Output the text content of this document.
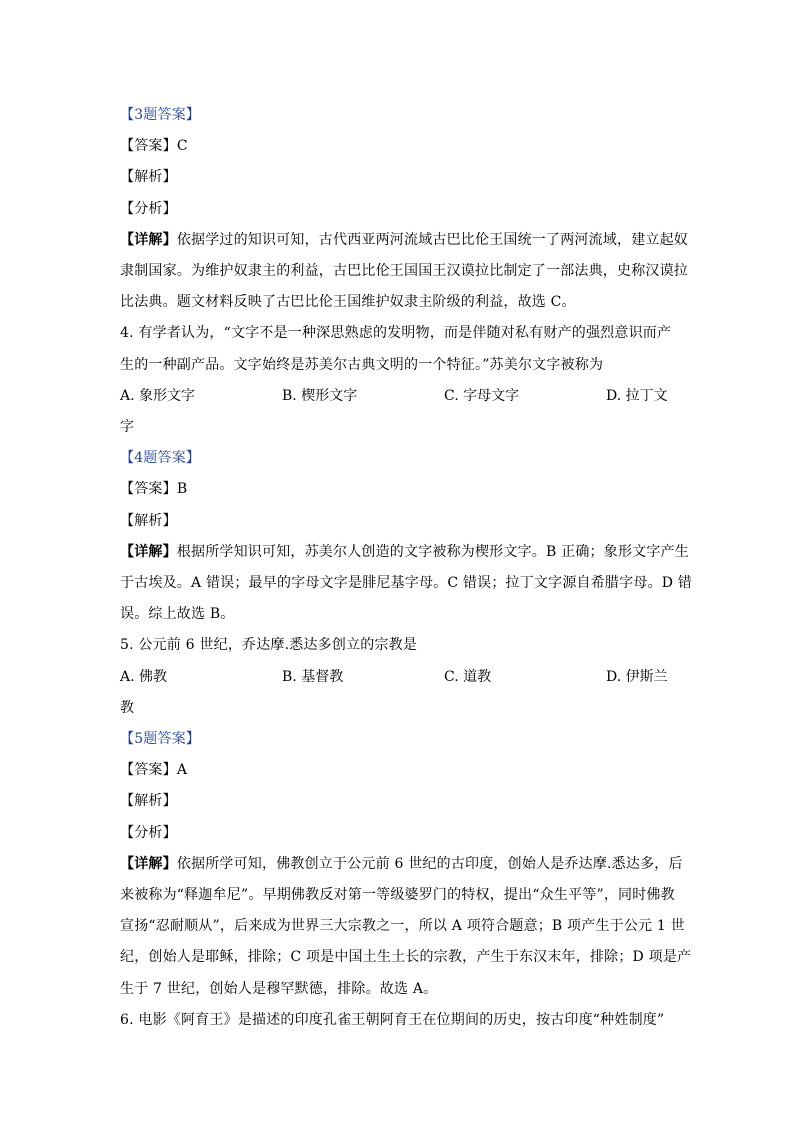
【3题答案】
【答案】C
【解析】
【分析】
【详解】依据学过的知识可知，古代西亚两河流域古巴比伦王国统一了两河流域，建立起奴
隶制国家。为维护奴隶主的利益，古巴比伦王国国王汉谟拉比制定了一部法典，史称汉谟拉
比法典。题文材料反映了古巴比伦王国维护奴隶主阶级的利益，故选 C。
4. 有学者认为，“文字不是一种深思熟虑的发明物，而是伴随对私有财产的强烈意识而产
生的一种副产品。文字始终是苏美尔古典文明的一个特征。”苏美尔文字被称为
A. 象形文字	B. 楔形文字	C. 字母文字	D. 拉丁文
字
【4题答案】
【答案】B
【解析】
【详解】根据所学知识可知，苏美尔人创造的文字被称为楔形文字。B 正确；象形文字产生
于古埃及。A 错误；最早的字母文字是腓尼基字母。C 错误；拉丁文字源自希腊字母。D 错
误。综上故选 B。
5. 公元前 6 世纪，乔达摩.悉达多创立的宗教是
A. 佛教	B. 基督教	C. 道教	D. 伊斯兰
教
【5题答案】
【答案】A
【解析】
【分析】
【详解】依据所学可知，佛教创立于公元前 6 世纪的古印度，创始人是乔达摩.悉达多，后
来被称为“释迦牟尼”。早期佛教反对第一等级婆罗门的特权，提出“众生平等”，同时佛教
宣扬“忍耐顺从”，后来成为世界三大宗教之一，所以 A 项符合题意；B 项产生于公元 1 世
纪，创始人是耶稣，排除；C 项是中国土生土长的宗教，产生于东汉末年，排除；D 项是产
生于 7 世纪，创始人是穆罕默德，排除。故选 A。
6. 电影《阿育王》是描述的印度孔雀王朝阿育王在位期间的历史，按古印度“种姓制度”
